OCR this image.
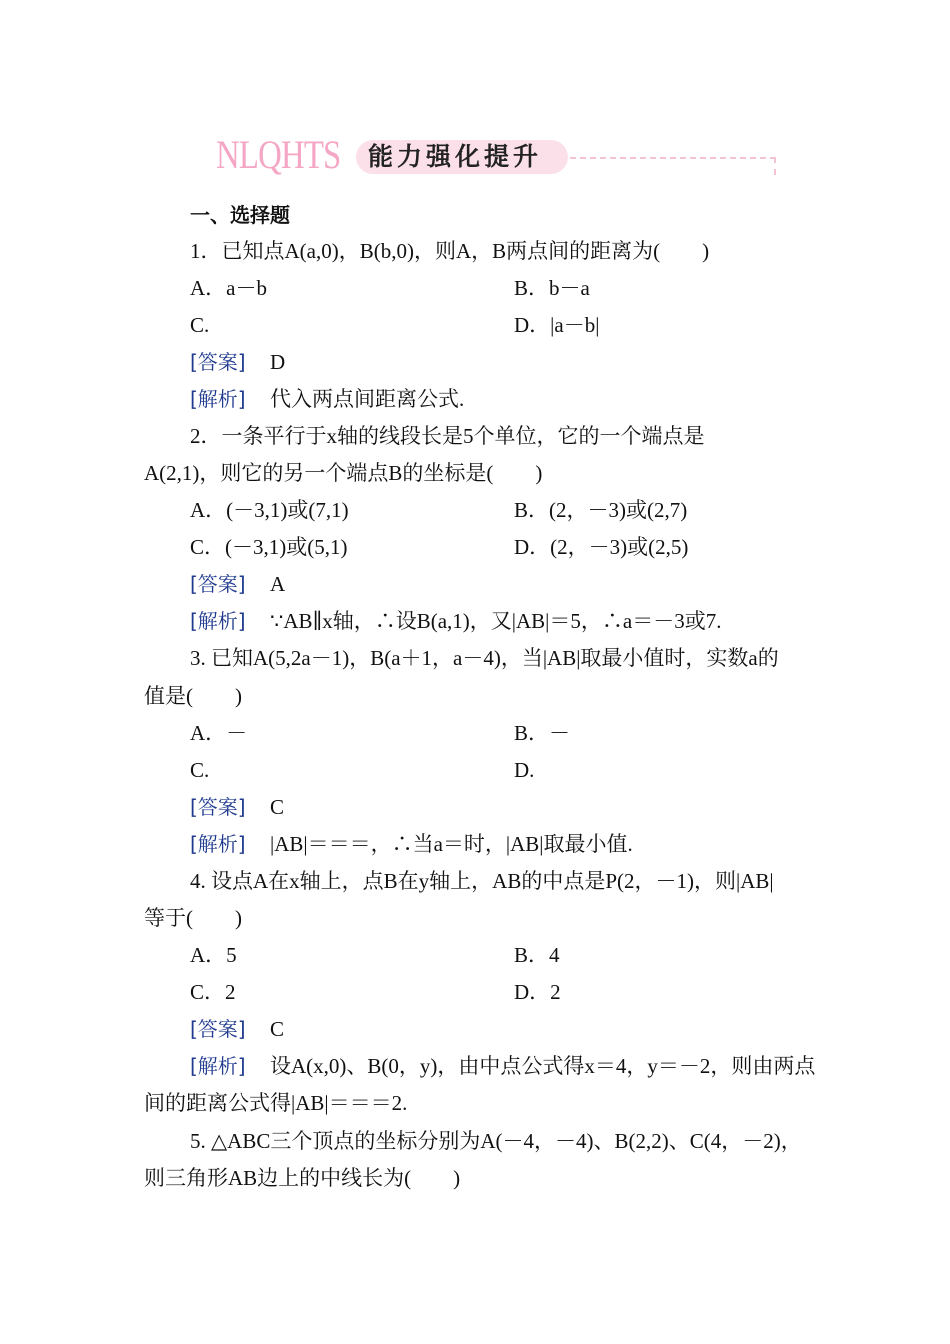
NLQHTS 能力强化提升
一、选择题
1．已知点A(a,0)，B(b,0)，则A，B两点间的距离为(　　)
A．a－b	B．b－a
C.	D．|a－b|
[答案] D
[解析] 代入两点间距离公式.
2．一条平行于x轴的线段长是5个单位，它的一个端点是
A(2,1)，则它的另一个端点B的坐标是(　　)
A．(－3,1)或(7,1)	B．(2，－3)或(2,7)
C．(－3,1)或(5,1)	D．(2，－3)或(2,5)
[答案] A
[解析] ∵AB∥x轴，∴设B(a,1)，又|AB|＝5，∴a＝－3或7.
3. 已知A(5,2a－1)，B(a＋1，a－4)，当|AB|取最小值时，实数a的
值是(　　)
A．－	B．－
C.	D.
[答案] C
[解析] |AB|＝＝＝，∴当a＝时，|AB|取最小值.
4. 设点A在x轴上，点B在y轴上，AB的中点是P(2，－1)，则|AB|
等于(　　)
A．5	B．4
C．2	D．2
[答案] C
[解析] 设A(x,0)、B(0，y)，由中点公式得x＝4，y＝－2，则由两点
间的距离公式得|AB|＝＝＝2.
5. △ABC三个顶点的坐标分别为A(－4，－4)、B(2,2)、C(4，－2)，
则三角形AB边上的中线长为(　　)
